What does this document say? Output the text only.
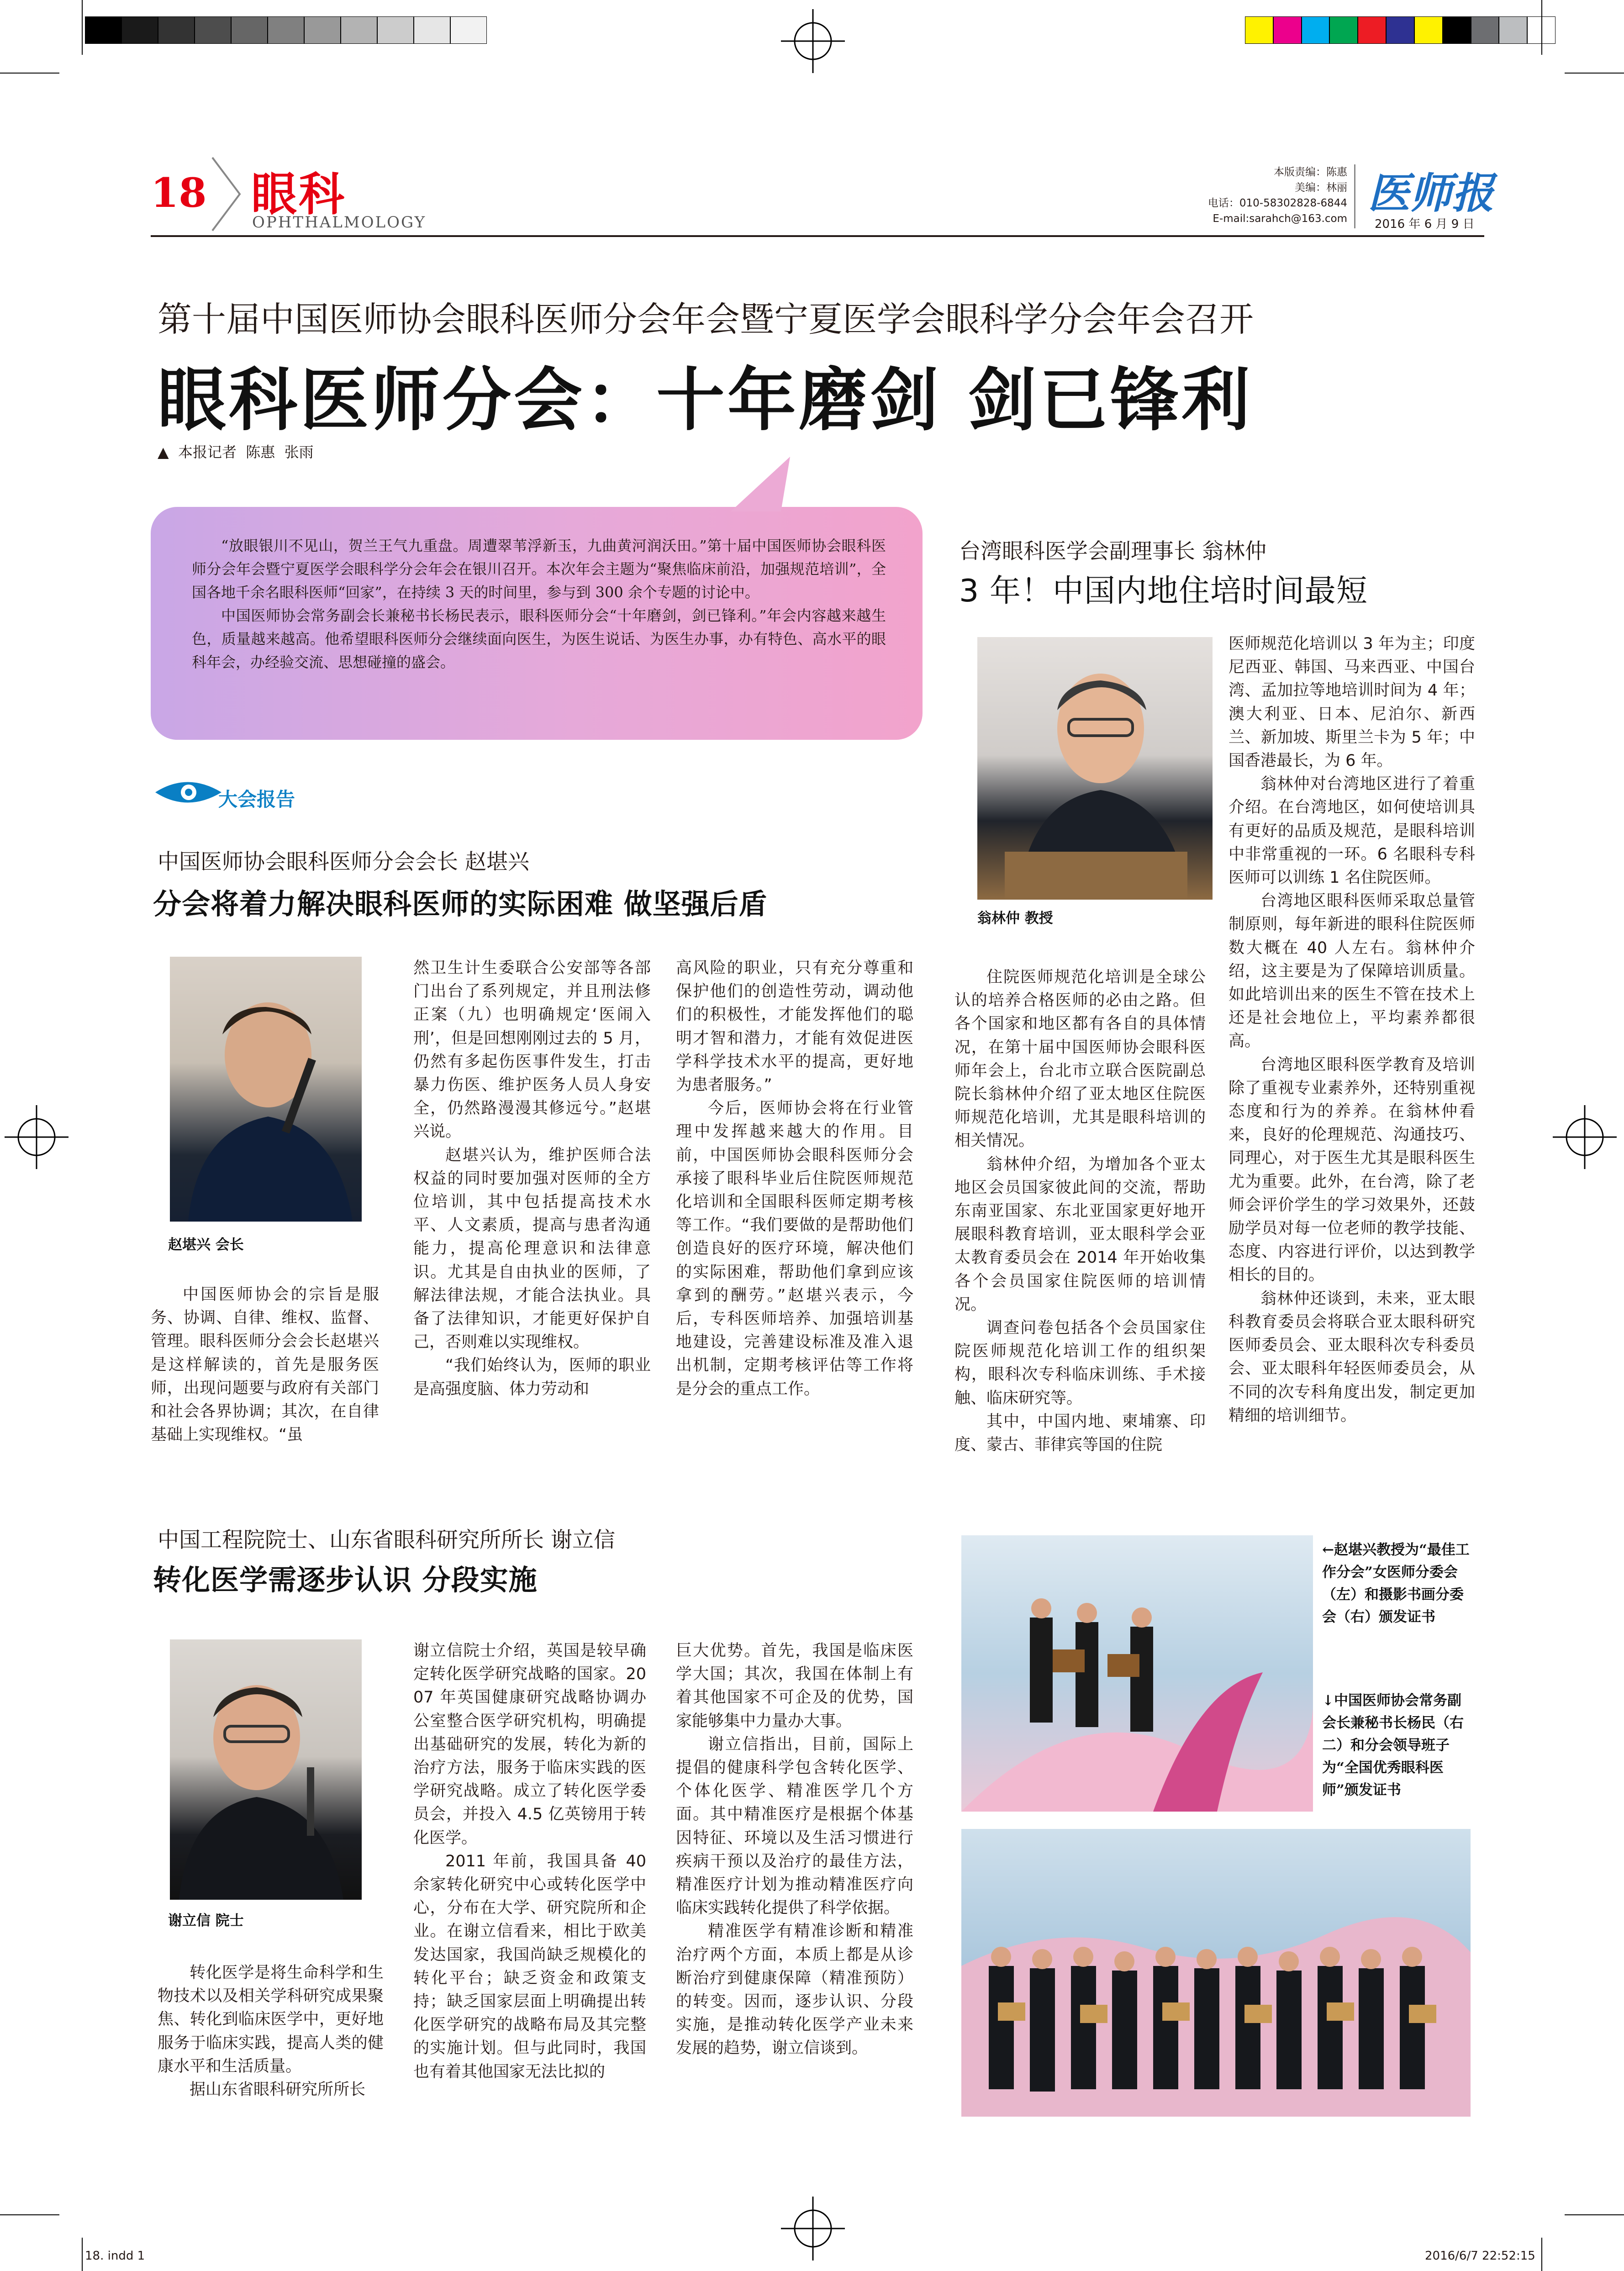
18. indd 1	2016/6/7 22:52:15
18 眼科
OPHTHALMOLOGY
本版责编：陈惠
美编：林丽
电话：010-58302828-6844
E-mail:sarahch@163.com
医师报
2016 年 6 月 9 日
第十届中国医师协会眼科医师分会年会暨宁夏医学会眼科学分会年会召开
眼科医师分会：十年磨剑 剑已锋利
▲  本报记者  陈惠  张雨

“放眼银川不见山，贺兰王气九重盘。周遭翠苇浮新玉，九曲黄河润沃田。”第十届中国医师协会眼科医师分会年会暨宁夏医学会眼科学分会年会在银川召开。本次年会主题为“聚焦临床前沿，加强规范培训”，全国各地千余名眼科医师“回家”，在持续 3 天的时间里，参与到 300 余个专题的讨论中。

中国医师协会常务副会长兼秘书长杨民表示，眼科医师分会“十年磨剑，剑已锋利。”年会内容越来越生色，质量越来越高。他希望眼科医师分会继续面向医生，为医生说话、为医生办事，办有特色、高水平的眼科年会，办经验交流、思想碰撞的盛会。

大会报告
中国医师协会眼科医师分会会长 赵堪兴
分会将着力解决眼科医师的实际困难 做坚强后盾
赵堪兴 会长

中国医师协会的宗旨是服务、协调、自律、维权、监督、管理。眼科医师分会会长赵堪兴是这样解读的，首先是服务医师，出现问题要与政府有关部门和社会各界协调；其次，在自律基础上实现维权。“虽

然卫生计生委联合公安部等各部门出台了系列规定，并且刑法修正案（九）也明确规定‘医闹入刑’，但是回想刚刚过去的 5 月，仍然有多起伤医事件发生，打击暴力伤医、维护医务人员人身安全，仍然路漫漫其修远兮。”赵堪兴说。

赵堪兴认为，维护医师合法权益的同时要加强对医师的全方位培训，其中包括提高技术水平、人文素质，提高与患者沟通能力，提高伦理意识和法律意识。尤其是自由执业的医师，了解法律法规，才能合法执业。具备了法律知识，才能更好保护自己，否则难以实现维权。

“我们始终认为，医师的职业是高强度脑、体力劳动和

高风险的职业，只有充分尊重和保护他们的创造性劳动，调动他们的积极性，才能发挥他们的聪明才智和潜力，才能有效促进医学科学技术水平的提高，更好地为患者服务。”

今后，医师协会将在行业管理中发挥越来越大的作用。目前，中国医师协会眼科医师分会承接了眼科毕业后住院医师规范化培训和全国眼科医师定期考核等工作。“我们要做的是帮助他们创造良好的医疗环境，解决他们的实际困难，帮助他们拿到应该拿到的酬劳。”赵堪兴表示，今后，专科医师培养、加强培训基地建设，完善建设标准及准入退出机制，定期考核评估等工作将是分会的重点工作。

台湾眼科医学会副理事长 翁林仲
3 年！中国内地住培时间最短
翁林仲 教授

医师规范化培训以 3 年为主；印度尼西亚、韩国、马来西亚、中国台湾、孟加拉等地培训时间为 4 年；澳大利亚、日本、尼泊尔、新西兰、新加坡、斯里兰卡为 5 年；中国香港最长，为 6 年。

翁林仲对台湾地区进行了着重介绍。在台湾地区，如何使培训具有更好的品质及规范，是眼科培训中非常重视的一环。6 名眼科专科医师可以训练 1 名住院医师。

台湾地区眼科医师采取总量管制原则，每年新进的眼科住院医师数大概在 40 人左右。翁林仲介绍，这主要是为了保障培训质量。如此培训出来的医生不管在技术上还是社会地位上，平均素养都很高。

台湾地区眼科医学教育及培训除了重视专业素养外，还特别重视态度和行为的养养。在翁林仲看来，良好的伦理规范、沟通技巧、同理心，对于医生尤其是眼科医生尤为重要。此外，在台湾，除了老师会评价学生的学习效果外，还鼓励学员对每一位老师的教学技能、态度、内容进行评价，以达到教学相长的目的。

翁林仲还谈到，未来，亚太眼科教育委员会将联合亚太眼科研究医师委员会、亚太眼科次专科委员会、亚太眼科年轻医师委员会，从不同的次专科角度出发，制定更加精细的培训细节。

住院医师规范化培训是全球公认的培养合格医师的必由之路。但各个国家和地区都有各自的具体情况，在第十届中国医师协会眼科医师年会上，台北市立联合医院副总院长翁林仲介绍了亚太地区住院医师规范化培训，尤其是眼科培训的相关情况。

翁林仲介绍，为增加各个亚太地区会员国家彼此间的交流，帮助东南亚国家、东北亚国家更好地开展眼科教育培训，亚太眼科学会亚太教育委员会在 2014 年开始收集各个会员国家住院医师的培训情况。

调查问卷包括各个会员国家住院医师规范化培训工作的组织架构，眼科次专科临床训练、手术接触、临床研究等。

其中，中国内地、柬埔寨、印度、蒙古、菲律宾等国的住院

中国工程院院士、山东省眼科研究所所长 谢立信
转化医学需逐步认识 分段实施
谢立信 院士

转化医学是将生命科学和生物技术以及相关学科研究成果聚焦、转化到临床医学中，更好地服务于临床实践，提高人类的健康水平和生活质量。

据山东省眼科研究所所长

谢立信院士介绍，英国是较早确定转化医学研究战略的国家。2007 年英国健康研究战略协调办公室整合医学研究机构，明确提出基础研究的发展，转化为新的治疗方法，服务于临床实践的医学研究战略。成立了转化医学委员会，并投入 4.5 亿英镑用于转化医学。

2011 年前，我国具备 40 余家转化研究中心或转化医学中心，分布在大学、研究院所和企业。在谢立信看来，相比于欧美发达国家，我国尚缺乏规模化的转化平台；缺乏资金和政策支持；缺乏国家层面上明确提出转化医学研究的战略布局及其完整的实施计划。但与此同时，我国也有着其他国家无法比拟的

巨大优势。首先，我国是临床医学大国；其次，我国在体制上有着其他国家不可企及的优势，国家能够集中力量办大事。

谢立信指出，目前，国际上提倡的健康科学包含转化医学、个体化医学、精准医学几个方面。其中精准医疗是根据个体基因特征、环境以及生活习惯进行疾病干预以及治疗的最佳方法，精准医疗计划为推动精准医疗向临床实践转化提供了科学依据。

精准医学有精准诊断和精准治疗两个方面，本质上都是从诊断治疗到健康保障（精准预防）的转变。因而，逐步认识、分段实施，是推动转化医学产业未来发展的趋势，谢立信谈到。

←赵堪兴教授为“最佳工作分会”女医师分委会（左）和摄影书画分委会（右）颁发证书
↓中国医师协会常务副会长兼秘书长杨民（右二）和分会领导班子为“全国优秀眼科医师”颁发证书
